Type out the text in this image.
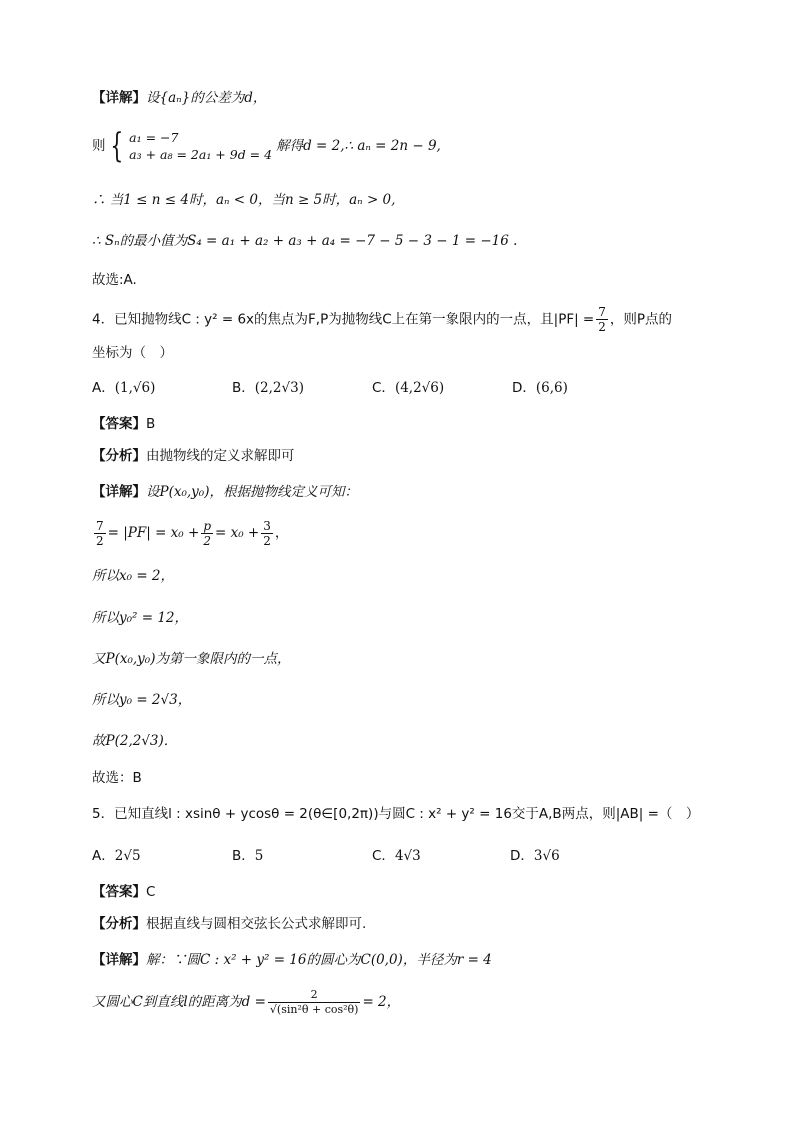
【详解】设{aₙ}的公差为d，
则 { a₁ = −7
a₃ + a₈ = 2a₁ + 9d = 4
解得d = 2,∴ aₙ = 2n − 9,
∴ 当1 ≤ n ≤ 4时，aₙ < 0，当n ≥ 5时，aₙ > 0,
∴ Sₙ的最小值为S₄ = a₁ + a₂ + a₃ + a₄ = −7 − 5 − 3 − 1 = −16 .
故选:A.
4．已知抛物线C : y² = 6x的焦点为F,P为抛物线C上在第一象限内的一点，且$|PF| = \frac{7}{2}$ ，则P点的
坐标为（　）
A．(1,√6)	B．(2,2√3)	C．(4,2√6)	D．(6,6)
【答案】B
【分析】由抛物线的定义求解即可
【详解】设P(x₀,y₀)，根据抛物线定义可知：
$\frac{7}{2} = |PF| = x_0 + \frac{p}{2} = x_0 + \frac{3}{2}$ ，
所以x₀ = 2，
所以y₀² = 12，
又P(x₀,y₀)为第一象限内的一点，
所以y₀ = 2√3，
故P(2,2√3)．
故选：B
5．已知直线l : xsinθ + ycosθ = 2(θ∈[0,2π))与圆C : x² + y² = 16交于A,B两点，则|AB| =（　）
A．2√5	B．5	C．4√3	D．3√6
【答案】C
【分析】根据直线与圆相交弦长公式求解即可.
【详解】解：∵圆C : x² + y² = 16的圆心为C(0,0)，半径为r = 4
又圆心C到直线l的距离为$d = \frac{2}{\text{√(sin²θ + cos²θ)}} = 2$，
